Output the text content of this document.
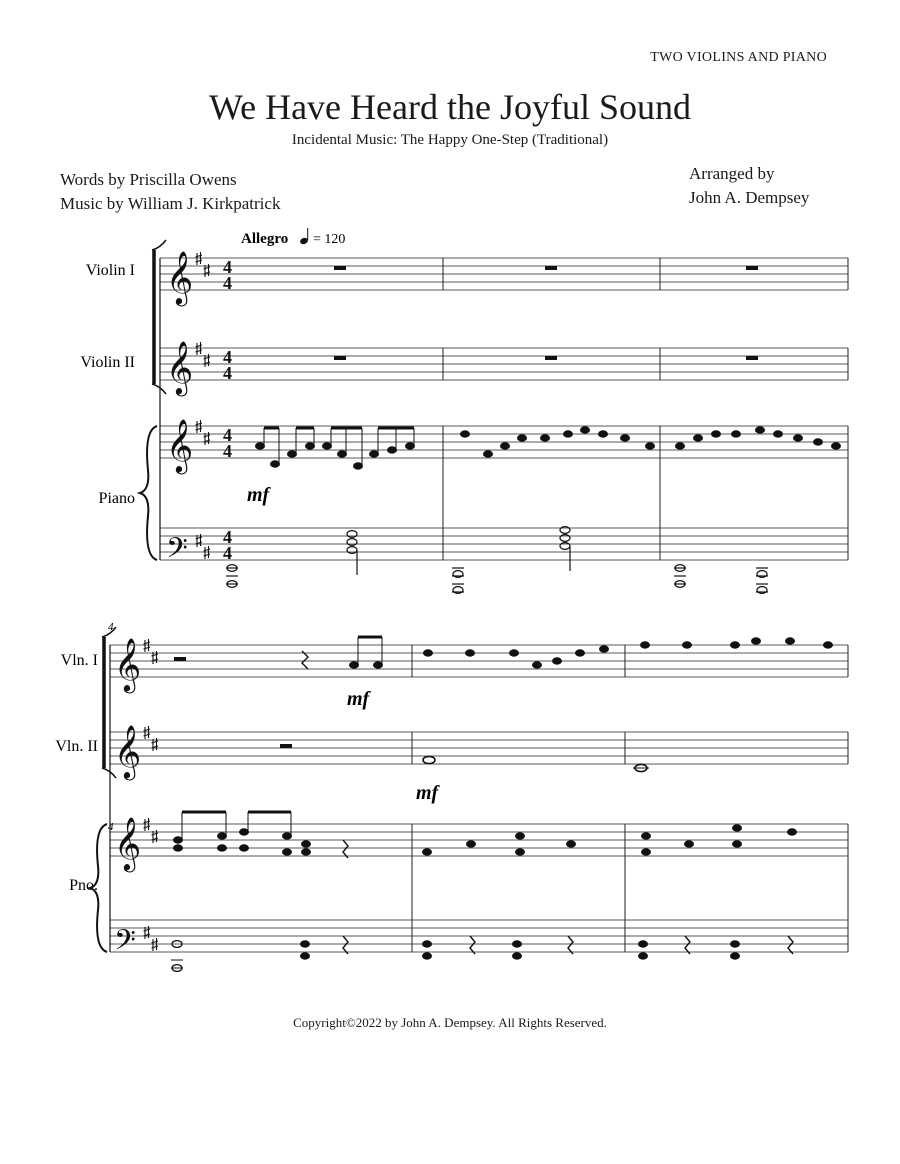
TWO VIOLINS AND PIANO
We Have Heard the Joyful Sound
Incidental Music: The Happy One-Step (Traditional)
Words by Priscilla Owens
Music by William J. Kirkpatrick
Arranged by
John A. Dempsey
Allegro = 120
Violin I
Violin II
Piano
𝄞
𝄞
𝄞
𝄢
4
4
4
4
4
4
4
4
mf
4
4
Vln. I
Vln. II
Pno.
𝄞
𝄞
𝄞
𝄢
mf
mf
Copyright©2022 by John A. Dempsey. All Rights Reserved.
